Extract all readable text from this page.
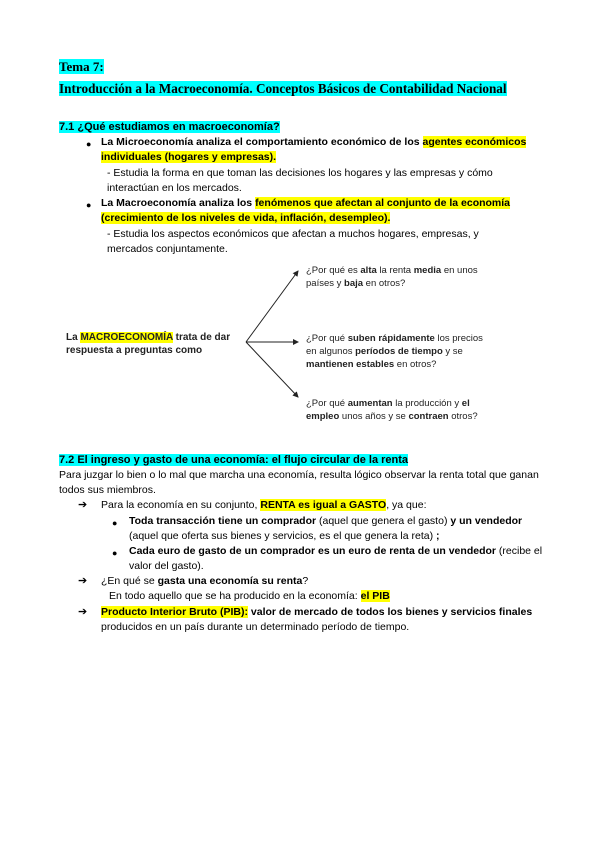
Tema 7:
Introducción a la Macroeconomía. Conceptos Básicos de Contabilidad Nacional
7.1 ¿Qué estudiamos en macroeconomía?
● La Microeconomía analiza el comportamiento económico de los agentes económicos individuales (hogares y empresas).
- Estudia la forma en que toman las decisiones los hogares y las empresas y cómo interactúan en los mercados.
● La Macroeconomía analiza los fenómenos que afectan al conjunto de la economía (crecimiento de los niveles de vida, inflación, desempleo).
- Estudia los aspectos económicos que afectan a muchos hogares, empresas, y mercados conjuntamente.
La MACROECONOMÍA trata de dar
respuesta a preguntas como
¿Por qué es alta la renta media en unos
países y baja en otros?
¿Por qué suben rápidamente los precios
en algunos períodos de tiempo y se
mantienen estables en otros?
¿Por qué aumentan la producción y el
empleo unos años y se contraen otros?
7.2 El ingreso y gasto de una economía: el flujo circular de la renta
Para juzgar lo bien o lo mal que marcha una economía, resulta lógico observar la renta total que ganan todos sus miembros.
➔ Para la economía en su conjunto, RENTA es igual a GASTO, ya que:
● Toda transacción tiene un comprador (aquel que genera el gasto) y un vendedor (aquel que oferta sus bienes y servicios, es el que genera la reta) ;
● Cada euro de gasto de un comprador es un euro de renta de un vendedor (recibe el valor del gasto).
➔ ¿En qué se gasta una economía su renta?
En todo aquello que se ha producido en la economía: el PIB
➔ Producto Interior Bruto (PIB): valor de mercado de todos los bienes y servicios finales
producidos en un país durante un determinado período de tiempo.
